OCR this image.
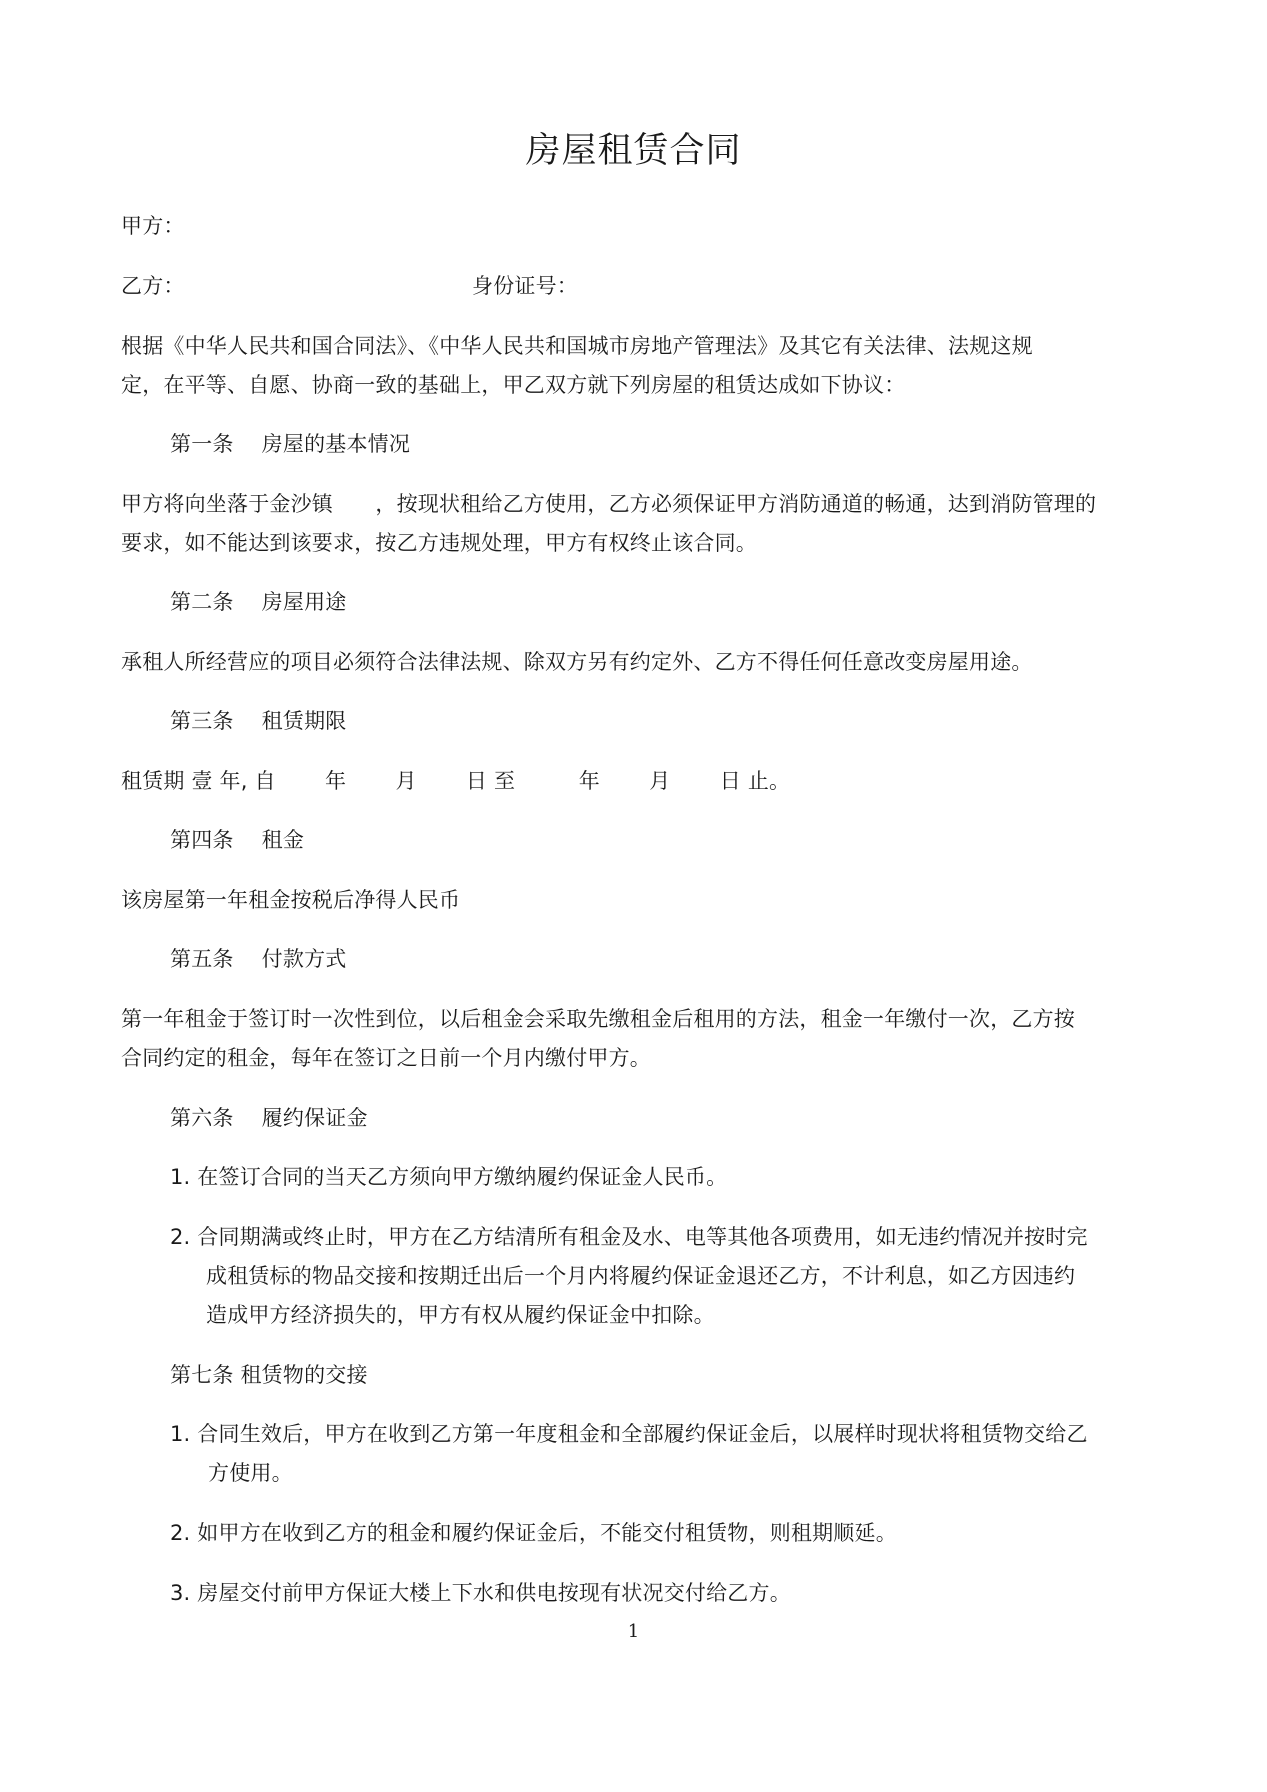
房屋租赁合同
甲方：
乙方：	身份证号：
根据《中华人民共和国合同法》、《中华人民共和国城市房地产管理法》及其它有关法律、法规这规
定，在平等、自愿、协商一致的基础上，甲乙双方就下列房屋的租赁达成如下协议：
第一条　 房屋的基本情况
甲方将向坐落于金沙镇　　，按现状租给乙方使用，乙方必须保证甲方消防通道的畅通，达到消防管理的
要求，如不能达到该要求，按乙方违规处理，甲方有权终止该合同。
第二条　 房屋用途
承租人所经营应的项目必须符合法律法规、除双方另有约定外、乙方不得任何任意改变房屋用途。
第三条　 租赁期限
租赁期 壹 年, 自　　 年　　 月　　 日 至　　　年　　 月　　 日 止。
第四条　 租金
该房屋第一年租金按税后净得人民币
第五条　 付款方式
第一年租金于签订时一次性到位，以后租金会采取先缴租金后租用的方法，租金一年缴付一次，乙方按
合同约定的租金，每年在签订之日前一个月内缴付甲方。
第六条　 履约保证金
1. 在签订合同的当天乙方须向甲方缴纳履约保证金人民币。
2. 合同期满或终止时，甲方在乙方结清所有租金及水、电等其他各项费用，如无违约情况并按时完
成租赁标的物品交接和按期迁出后一个月内将履约保证金退还乙方，不计利息，如乙方因违约
造成甲方经济损失的，甲方有权从履约保证金中扣除。
第七条 租赁物的交接
1. 合同生效后，甲方在收到乙方第一年度租金和全部履约保证金后，以展样时现状将租赁物交给乙
方使用。
2. 如甲方在收到乙方的租金和履约保证金后，不能交付租赁物，则租期顺延。
3. 房屋交付前甲方保证大楼上下水和供电按现有状况交付给乙方。
1
